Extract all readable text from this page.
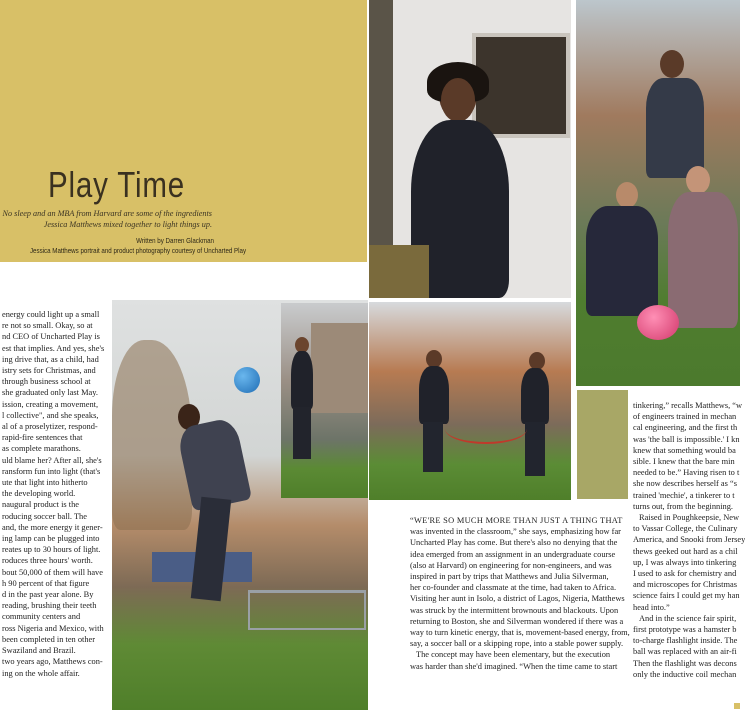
Play Time
No sleep and an MBA from Harvard are some of the ingredients
Jessica Matthews mixed together to light things up.
Written by Darren Glackman
Jessica Matthews portrait and product photography courtesy of Uncharted Play

energy could light up a small

re not so small. Okay, so at

nd CEO of Uncharted Play is

est that implies. And yes, she's

ing drive that, as a child, had

istry sets for Christmas, and

through business school at

she graduated only last May.

ission, creating a movement,

l collective", and she speaks,

al of a proselytizer, respond-

rapid-fire sentences that

as complete marathons.

uld blame her? After all, she's

ransform fun into light (that's

ute that light into hitherto

the developing world.

naugural product is the

roducing soccer ball. The

and, the more energy it gener-

ing lamp can be plugged into

reates up to 30 hours of light.

roduces three hours' worth.

bout 50,000 of them will have

h 90 percent of that figure

d in the past year alone. By

reading, brushing their teeth

community centers and

ross Nigeria and Mexico, with

been completed in ten other

Swaziland and Brazil.

two years ago, Matthews con-

ing on the whole affair.

“WE'RE SO MUCH MORE THAN JUST A THING THAT

was invented in the classroom,” she says, emphasizing how far

Uncharted Play has come. But there's also no denying that the

idea emerged from an assignment in an undergraduate course

(also at Harvard) on engineering for non-engineers, and was

inspired in part by trips that Matthews and Julia Silverman,

her co-founder and classmate at the time, had taken to Africa.

Visiting her aunt in Isolo, a district of Lagos, Nigeria, Matthews

was struck by the intermittent brownouts and blackouts. Upon

returning to Boston, she and Silverman wondered if there was a

way to turn kinetic energy, that is, movement-based energy, from,

say, a soccer ball or a skipping rope, into a stable power supply.

The concept may have been elementary, but the execution

was harder than she'd imagined. “When the time came to start

tinkering,” recalls Matthews, “w

of engineers trained in mechan

cal engineering, and the first th

was 'the ball is impossible.' I kn

knew that something would ba

sible. I knew that the bare min

needed to be.” Having risen to t

she now describes herself as “s

trained 'mechie', a tinkerer to t

turns out, from the beginning.

Raised in Poughkeepsie, New

to Vassar College, the Culinary

America, and Snooki from Jersey

thews geeked out hard as a chil

up, I was always into tinkering

I used to ask for chemistry and

and microscopes for Christmas

science fairs I could get my han

head into.”

And in the science fair spirit,

first prototype was a hamster b

to-charge flashlight inside. The

ball was replaced with an air-fi

Then the flashlight was decons

only the inductive coil mechan
